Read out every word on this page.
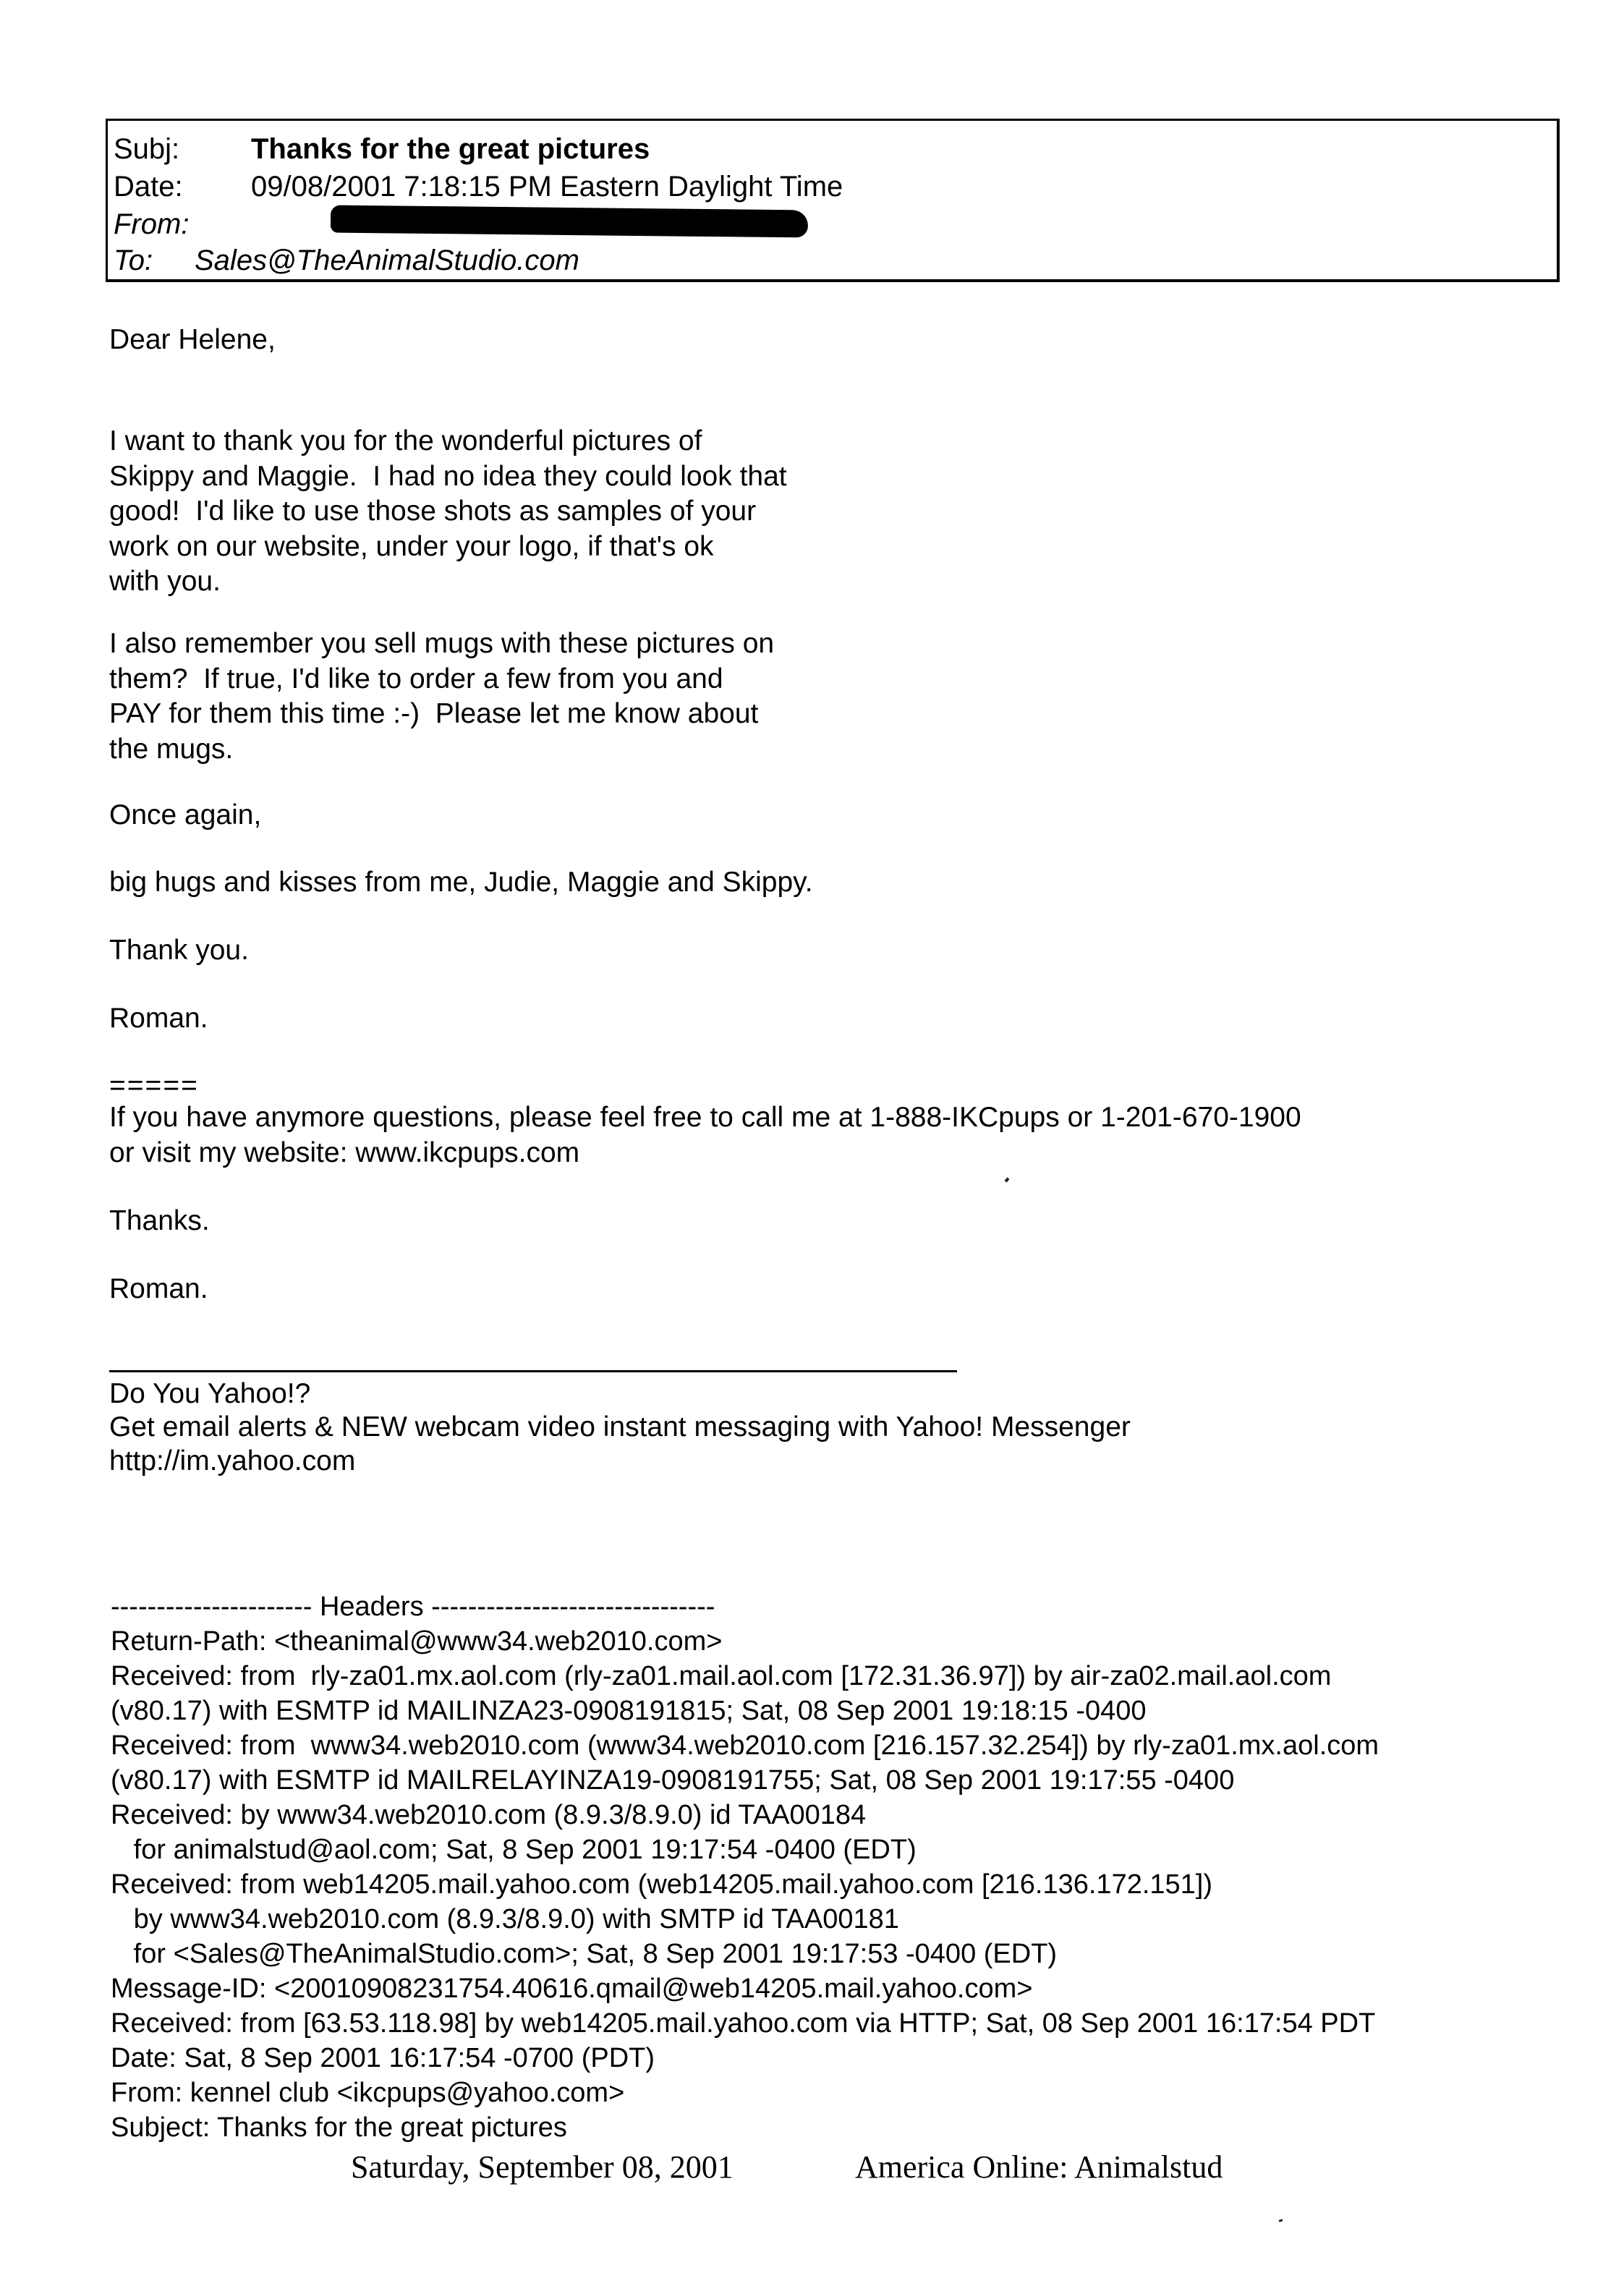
Subj: Thanks for the great pictures
Date: 09/08/2001 7:18:15 PM Eastern Daylight Time
From:
To: Sales@TheAnimalStudio.com
Dear Helene,
I want to thank you for the wonderful pictures of
Skippy and Maggie.  I had no idea they could look that
good!  I'd like to use those shots as samples of your
work on our website, under your logo, if that's ok
with you.
I also remember you sell mugs with these pictures on
them?  If true, I'd like to order a few from you and
PAY for them this time :-)  Please let me know about
the mugs.
Once again,
big hugs and kisses from me, Judie, Maggie and Skippy.
Thank you.
Roman.
=====
If you have anymore questions, please feel free to call me at 1-888-IKCpups or 1-201-670-1900
or visit my website: www.ikcpups.com
Thanks.
Roman.
Do You Yahoo!?
Get email alerts & NEW webcam video instant messaging with Yahoo! Messenger
http://im.yahoo.com
---------------------- Headers -------------------------------
Return-Path: <theanimal@www34.web2010.com>
Received: from  rly-za01.mx.aol.com (rly-za01.mail.aol.com [172.31.36.97]) by air-za02.mail.aol.com
(v80.17) with ESMTP id MAILINZA23-0908191815; Sat, 08 Sep 2001 19:18:15 -0400
Received: from  www34.web2010.com (www34.web2010.com [216.157.32.254]) by rly-za01.mx.aol.com
(v80.17) with ESMTP id MAILRELAYINZA19-0908191755; Sat, 08 Sep 2001 19:17:55 -0400
Received: by www34.web2010.com (8.9.3/8.9.0) id TAA00184
for animalstud@aol.com; Sat, 8 Sep 2001 19:17:54 -0400 (EDT)
Received: from web14205.mail.yahoo.com (web14205.mail.yahoo.com [216.136.172.151])
by www34.web2010.com (8.9.3/8.9.0) with SMTP id TAA00181
for <Sales@TheAnimalStudio.com>; Sat, 8 Sep 2001 19:17:53 -0400 (EDT)
Message-ID: <20010908231754.40616.qmail@web14205.mail.yahoo.com>
Received: from [63.53.118.98] by web14205.mail.yahoo.com via HTTP; Sat, 08 Sep 2001 16:17:54 PDT
Date: Sat, 8 Sep 2001 16:17:54 -0700 (PDT)
From: kennel club <ikcpups@yahoo.com>
Subject: Thanks for the great pictures
Saturday, September 08, 2001	America Online: Animalstud
